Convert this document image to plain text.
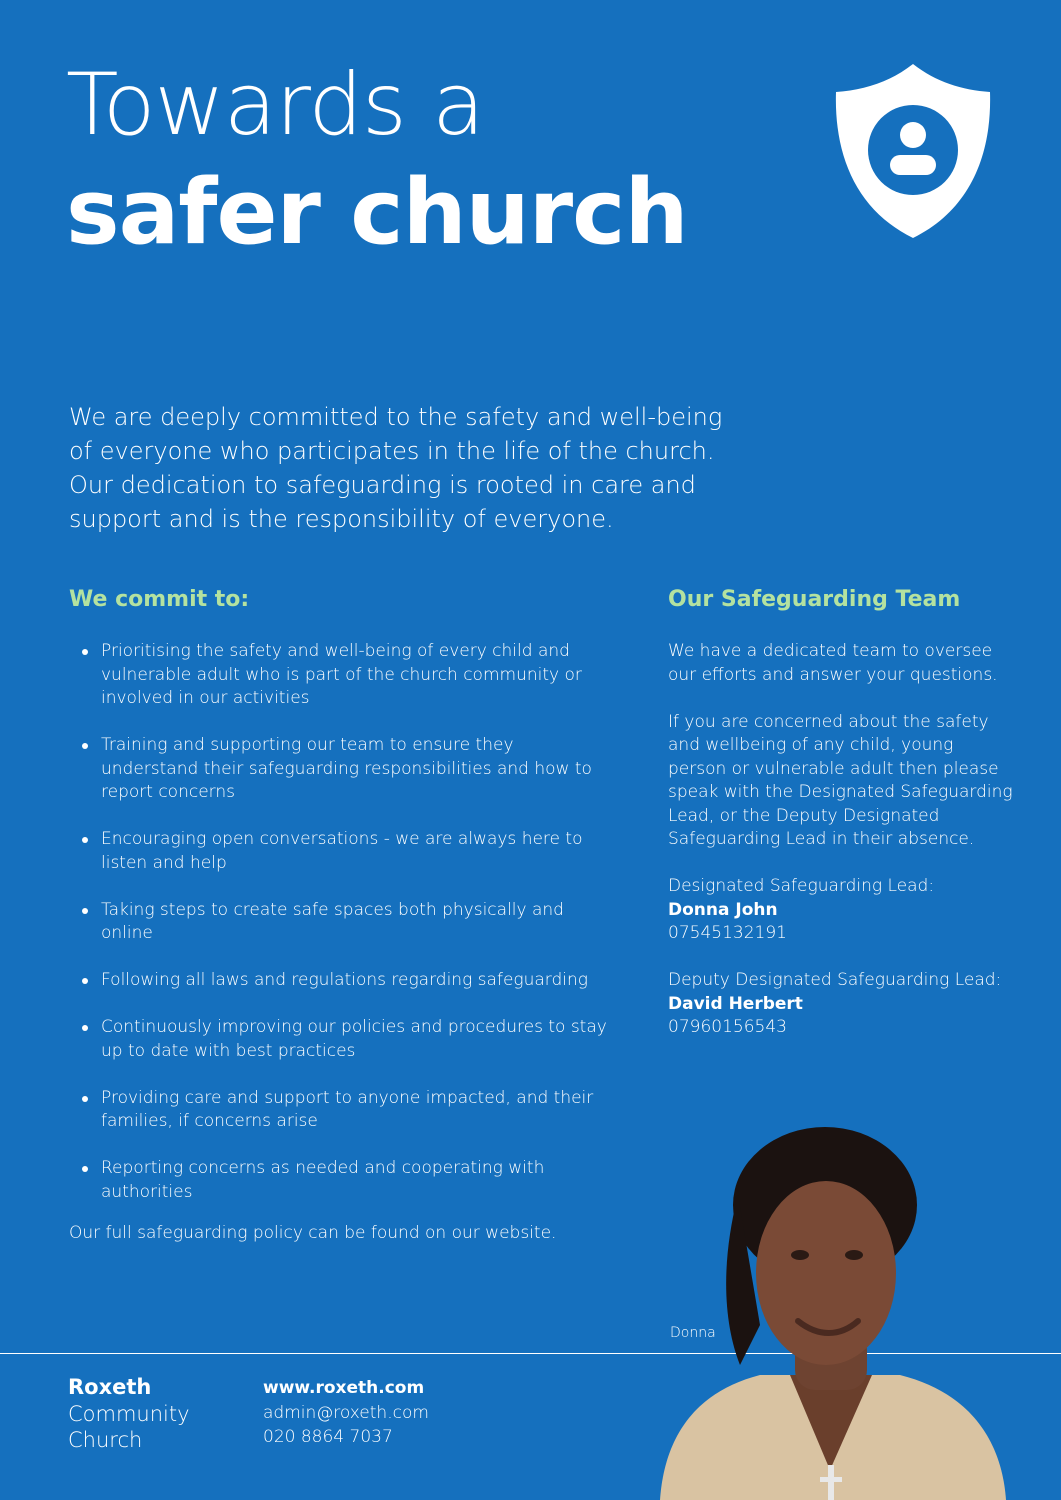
Towards a
safer church

We are deeply committed to the safety and well-being of everyone who participates in the life of the church. Our dedication to safeguarding is rooted in care and support and is the responsibility of everyone.

We commit to:
Prioritising the safety and well-being of every child and vulnerable adult who is part of the church community or involved in our activities
Training and supporting our team to ensure they understand their safeguarding responsibilities and how to report concerns
Encouraging open conversations - we are always here to listen and help
Taking steps to create safe spaces both physically and online
Following all laws and regulations regarding safeguarding
Continuously improving our policies and procedures to stay up to date with best practices
Providing care and support to anyone impacted, and their families, if concerns arise
Reporting concerns as needed and cooperating with authorities

Our full safeguarding policy can be found on our website.

Our Safeguarding Team

We have a dedicated team to oversee our efforts and answer your questions.

If you are concerned about the safety and wellbeing of any child, young person or vulnerable adult then please speak with the Designated Safeguarding Lead, or the Deputy Designated Safeguarding Lead in their absence.

Designated Safeguarding Lead:
Donna John
07545132191

Deputy Designated Safeguarding Lead:
David Herbert
07960156543

Donna

Roxeth
Community
Church
www.roxeth.com
admin@roxeth.com
020 8864 7037
